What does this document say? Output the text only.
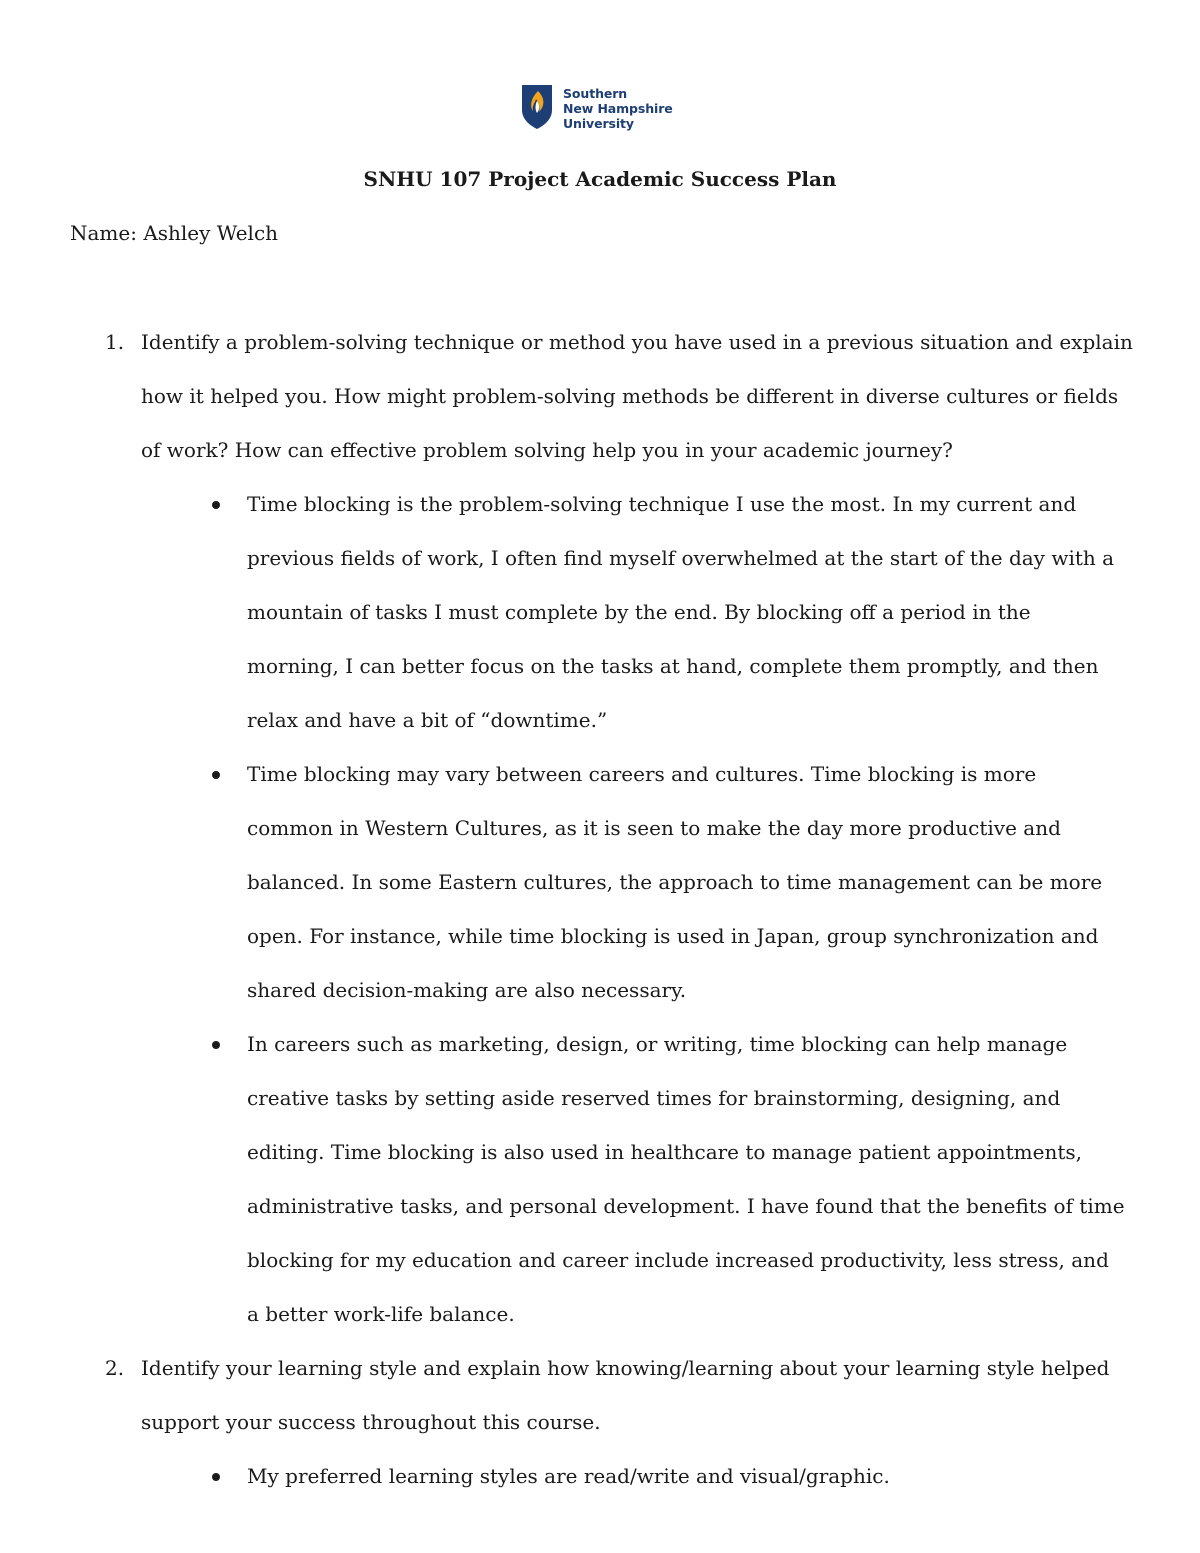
Southern
New Hampshire
University
SNHU 107 Project Academic Success Plan
Name: Ashley Welch
1. Identify a problem-solving technique or method you have used in a previous situation and explain how it helped you. How might problem-solving methods be different in diverse cultures or fields of work? How can effective problem solving help you in your academic journey?
Time blocking is the problem-solving technique I use the most. In my current and previous fields of work, I often find myself overwhelmed at the start of the day with a mountain of tasks I must complete by the end. By blocking off a period in the morning, I can better focus on the tasks at hand, complete them promptly, and then relax and have a bit of “downtime.”
Time blocking may vary between careers and cultures. Time blocking is more common in Western Cultures, as it is seen to make the day more productive and balanced. In some Eastern cultures, the approach to time management can be more open. For instance, while time blocking is used in Japan, group synchronization and shared decision-making are also necessary.
In careers such as marketing, design, or writing, time blocking can help manage creative tasks by setting aside reserved times for brainstorming, designing, and editing. Time blocking is also used in healthcare to manage patient appointments, administrative tasks, and personal development. I have found that the benefits of time blocking for my education and career include increased productivity, less stress, and a better work-life balance.
2. Identify your learning style and explain how knowing/learning about your learning style helped support your success throughout this course.
My preferred learning styles are read/write and visual/graphic.
